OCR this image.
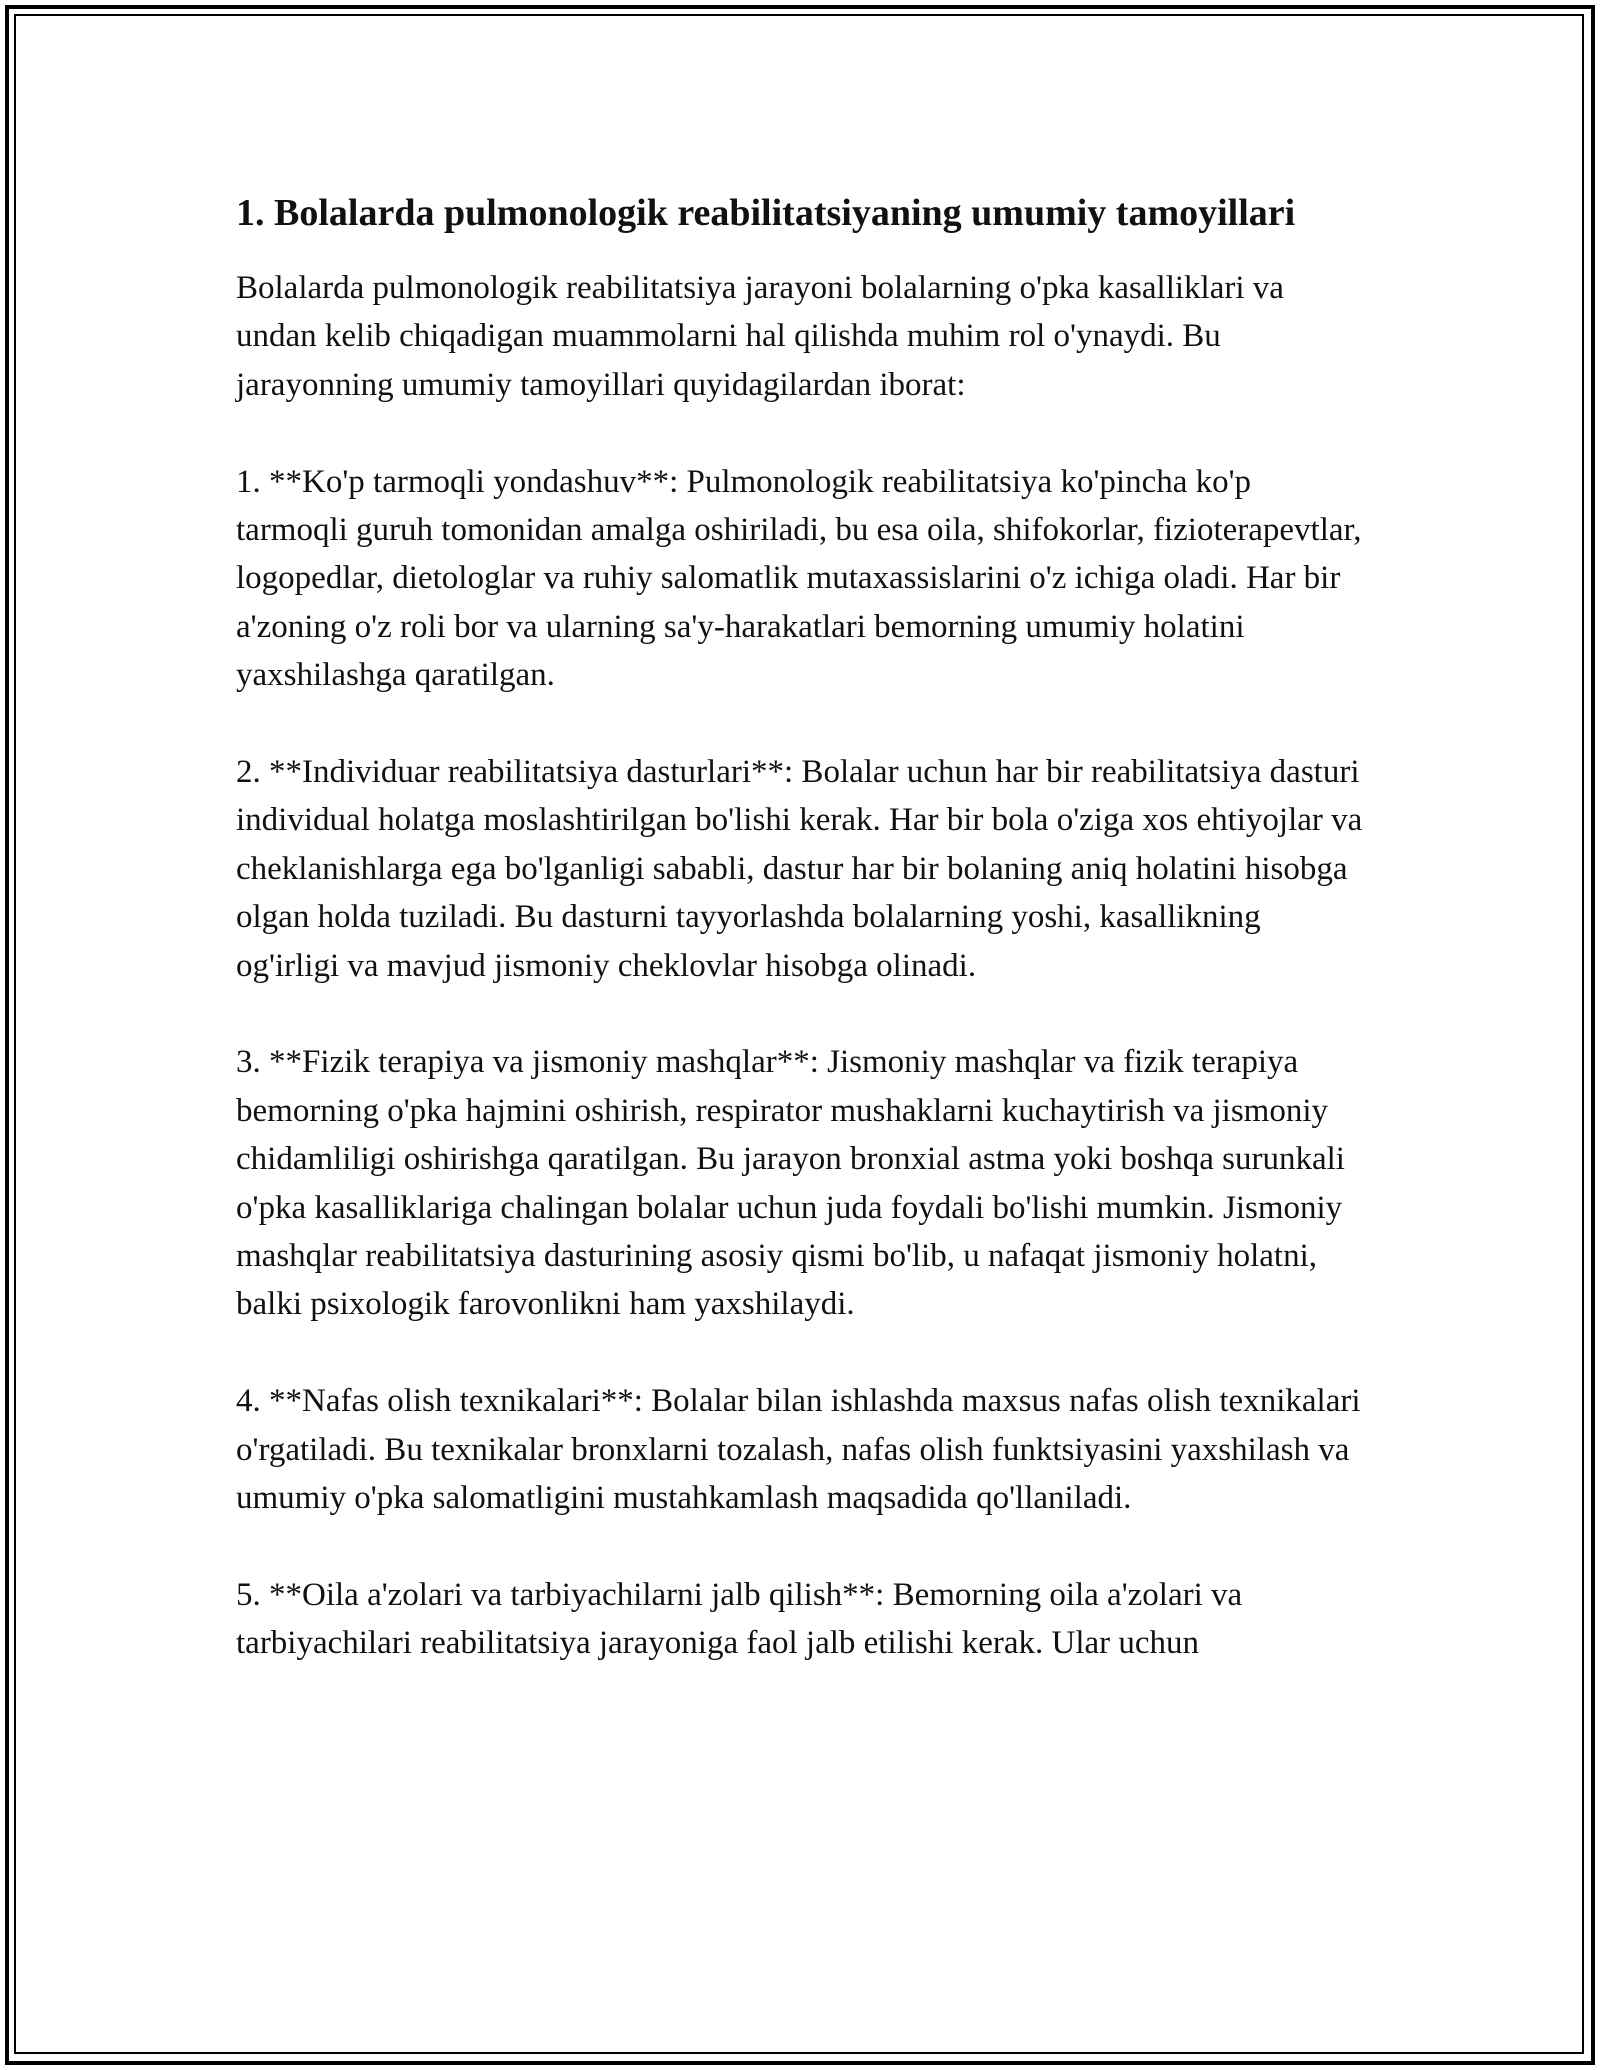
1. Bolalarda pulmonologik reabilitatsiyaning umumiy tamoyillari

Bolalarda pulmonologik reabilitatsiya jarayoni bolalarning o'pka kasalliklari va undan kelib chiqadigan muammolarni hal qilishda muhim rol o'ynaydi. Bu jarayonning umumiy tamoyillari quyidagilardan iborat:

1. **Ko'p tarmoqli yondashuv**: Pulmonologik reabilitatsiya ko'pincha ko'p tarmoqli guruh tomonidan amalga oshiriladi, bu esa oila, shifokorlar, fizioterapevtlar, logopedlar, dietologlar va ruhiy salomatlik mutaxassislarini o'z ichiga oladi. Har bir a'zoning o'z roli bor va ularning sa'y-harakatlari bemorning umumiy holatini yaxshilashga qaratilgan.

2. **Individuar reabilitatsiya dasturlari**: Bolalar uchun har bir reabilitatsiya dasturi individual holatga moslashtirilgan bo'lishi kerak. Har bir bola o'ziga xos ehtiyojlar va cheklanishlarga ega bo'lganligi sababli, dastur har bir bolaning aniq holatini hisobga olgan holda tuziladi. Bu dasturni tayyorlashda bolalarning yoshi, kasallikning og'irligi va mavjud jismoniy cheklovlar hisobga olinadi.

3. **Fizik terapiya va jismoniy mashqlar**: Jismoniy mashqlar va fizik terapiya bemorning o'pka hajmini oshirish, respirator mushaklarni kuchaytirish va jismoniy chidamliligi oshirishga qaratilgan. Bu jarayon bronxial astma yoki boshqa surunkali o'pka kasalliklariga chalingan bolalar uchun juda foydali bo'lishi mumkin. Jismoniy mashqlar reabilitatsiya dasturining asosiy qismi bo'lib, u nafaqat jismoniy holatni, balki psixologik farovonlikni ham yaxshilaydi.

4. **Nafas olish texnikalari**: Bolalar bilan ishlashda maxsus nafas olish texnikalari o'rgatiladi. Bu texnikalar bronxlarni tozalash, nafas olish funktsiyasini yaxshilash va umumiy o'pka salomatligini mustahkamlash maqsadida qo'llaniladi.

5. **Oila a'zolari va tarbiyachilarni jalb qilish**: Bemorning oila a'zolari va tarbiyachilari reabilitatsiya jarayoniga faol jalb etilishi kerak. Ular uchun
